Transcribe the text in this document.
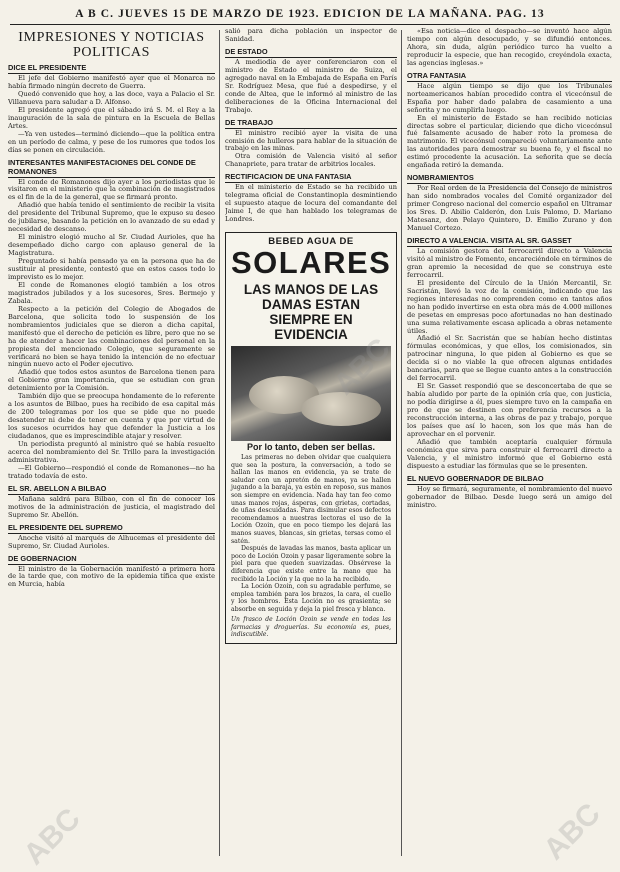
A B C. JUEVES 15 DE MARZO DE 1923. EDICION DE LA MAÑANA. PAG. 13
IMPRESIONES Y NOTICIAS POLITICAS
DICE EL PRESIDENTE

El jefe del Gobierno manifestó ayer que el Monarca no había firmado ningún decreto de Guerra.

Quedó convenido que hoy, a las doce, vaya a Palacio el Sr. Villanueva para saludar a D. Alfonso.

El presidente agregó que el sábado irá S. M. el Rey a la inauguración de la sala de pintura en la Escuela de Bellas Artes.

—Ya ven ustedes—terminó diciendo—que la política entra en un período de calma, y pese de los rumores que todos los días se ponen en circulación.

INTERESANTES MANIFESTACIONES DEL CONDE DE ROMANONES

El conde de Romanones dijo ayer a los periodistas que le visitaron en el ministerio que la combinación de magistrados es el fin de la de la general, que se firmará pronto.

Añadió que había tenido el sentimiento de recibir la visita del presidente del Tribunal Supremo, que le expuso su deseo de jubilarse, basando la petición en lo avanzado de su edad y necesidad de descanso.

El ministro elogió mucho al Sr. Ciudad Aurioles, que ha desempeñado dicho cargo con aplauso general de la Magistratura.

Preguntado si había pensado ya en la persona que ha de sustituir al presidente, contestó que en estos casos todo lo imprevisto es lo mejor.

El conde de Romanones elogió también a los otros magistrados jubilados y a los sucesores, Sres. Bermejo y Zabala.

Respecto a la petición del Colegio de Abogados de Barcelona, que solicita todo lo suspensión de los nombramientos judiciales que se dieron a dicha capital, manifestó que el derecho de petición es libre, pero que no se ha de atender a hacer las combinaciones del personal en la propiesta del mencionado Colegio, que seguramente se verificará no bien se haya tenido la intención de no efectuar ningún nuevo acto el Poder ejecutivo.

Añadió que todos estos asuntos de Barcelona tienen para el Gobierno gran importancia, que se estudian con gran detenimiento por la Comisión.

También dijo que se preocupa hondamente de lo referente a los asuntos de Bilbao, pues ha recibido de esa capital más de 200 telegramas por los que se pide que no puede desatender ni debe de tener en cuenta y que por virtud de los sucesos ocurridos hay que defender la Justicia a los ciudadanos, que es imprescindible atajar y resolver.

Un periodista preguntó al ministro qué se había resuelto acerca del nombramiento del Sr. Trillo para la investigación administrativa.

—El Gobierno—respondió el conde de Romanones—no ha tratado todavía de esto.

EL SR. ABELLON A BILBAO

Mañana saldrá para Bilbao, con el fin de conocer los motivos de la administración de justicia, el magistrado del Supremo Sr. Abellón.

EL PRESIDENTE DEL SUPREMO

Anoche visitó al marqués de Alhucemas el presidente del Supremo, Sr. Ciudad Aurioles.

DE GOBERNACION

El ministro de la Gobernación manifestó a primera hora de la tarde que, con motivo de la epidemia tífica que existe en Murcia, había

salió para dicha población un inspector de Sanidad.

DE ESTADO

A mediodía de ayer conferenciaron con el ministro de Estado el ministro de Suiza, el agregado naval en la Embajada de España en París Sr. Rodríguez Mesa, que fué a despedirse, y el conde de Altea, que le informó al ministro de las deliberaciones de la Oficina Internacional del Trabajo.

DE TRABAJO

El ministro recibió ayer la visita de una comisión de hulleros para hablar de la situación de trabajo en las minas.

Otra comisión de Valencia visitó al señor Chanapriete, para tratar de arbitrios locales.

RECTIFICACION DE UNA FANTASIA

En el ministerio de Estado se ha recibido un telegrama oficial de Constantinopla desmintiendo el supuesto ataque de locura del comandante del Jaime I, de que han hablado los telegramas de Londres.

BEBED AGUA DE
SOLARES
LAS MANOS DE LAS DAMAS ESTAN SIEMPRE EN EVIDENCIA
Por lo tanto, deben ser bellas.

Las primeras no deben olvidar que cualquiera que sea la postura, la conversación, a todo se hallan las manos en evidencia, ya se trate de saludar con un apretón de manos, ya se hallen jugando a la baraja, ya estén en reposo, sus manos son siempre en evidencia. Nada hay tan feo como unas manos rojas, ásperas, con grietas, cortadas, de uñas descuidadas. Para disimular esos defectos recomendamos a nuestras lectoras el uso de la Loción Ozoin, que en poco tiempo les dejará las manos suaves, blancas, sin grietas, tersas como el satén.

Después de lavadas las manos, basta aplicar un poco de Loción Ozoin y pasar ligeramente sobre la piel para que queden suavizadas. Obsérvese la diferencia que existe entre la mano que ha recibido la Loción y la que no la ha recibido.

La Loción Ozoin, con su agradable perfume, se emplea también para los brazos, la cara, el cuello y los hombros. Esta Loción no es grasienta; se absorbe en seguida y deja la piel fresca y blanca.

Un frasco de Loción Ozoin se vende en todas las farmacias y droguerías. Su economía es, pues, indiscutible.

«Esa noticia—dice el despacho—se inventó hace algún tiempo con algún desocupado, y se difundió entonces. Ahora, sin duda, algún periódico turco ha vuelto a reproducir la especie, que han recogido, creyéndola exacta, las agencias inglesas.»

OTRA FANTASIA

Hace algún tiempo se dijo que los Tribunales norteamericanos habían procedido contra el vicecónsul de España por haber dado palabra de casamiento a una señorita y no cumplirla luego.

En el ministerio de Estado se han recibido noticias directas sobre el particular, diciendo que dicho vicecónsul fué falsamente acusado de haber roto la promesa de matrimonio. El vicecónsul compareció voluntariamente ante las autoridades para demostrar su buena fe, y el fiscal no estimó procedente la acusación. La señorita que se decía engañada retiró la demanda.

NOMBRAMIENTOS

Por Real orden de la Presidencia del Consejo de ministros han sido nombrados vocales del Comité organizador del primer Congreso nacional del comercio español en Ultramar los Sres. D. Abilio Calderón, don Luis Palomo, D. Mariano Matesanz, don Pelayo Quintero, D. Emilio Zurano y don Manuel Cortezo.

DIRECTO A VALENCIA. VISITA AL SR. GASSET

La comisión gestora del ferrocarril directo a Valencia visitó al ministro de Fomento, encareciéndole en términos de gran apremio la necesidad de que se construya este ferrocarril.

El presidente del Círculo de la Unión Mercantil, Sr. Sacristán, llevó la voz de la comisión, indicando que las regiones interesadas no comprenden como en tantos años no han podido invertirse en esta obra más de 4.000 millones de pesetas en empresas poco afortunadas no han destinado una suma relativamente escasa aplicada a obras netamente útiles.

Añadió el Sr. Sacristán que se habían hecho distintas fórmulas económicas, y que ellos, los comisionados, sin patrocinar ninguna, lo que piden al Gobierno es que se decida si o no viable la que ofrecen algunas entidades bancarias, para que se llegue cuanto antes a la construcción del ferrocarril.

El Sr. Gasset respondió que se desconcertaba de que se había aludido por parte de la opinión cría que, con justicia, no podía dirigirse a él, pues siempre tuvo en la campaña en pro de que se destinen con preferencia recursos a la reconstrucción interna, a las obras de paz y trabajo, porque los países que así lo hacen, son los que más han de aprovechar en el porvenir.

Añadió que también aceptaría cualquier fórmula económica que sirva para construir el ferrocarril directo a Valencia, y el ministro informó que el Gobierno está dispuesto a estudiar las fórmulas que se le presenten.

EL NUEVO GOBERNADOR DE BILBAO

Hoy se firmará, seguramente, el nombramiento del nuevo gobernador de Bilbao. Desde luego será un amigo del ministro.

ABC
ABC
ABC
